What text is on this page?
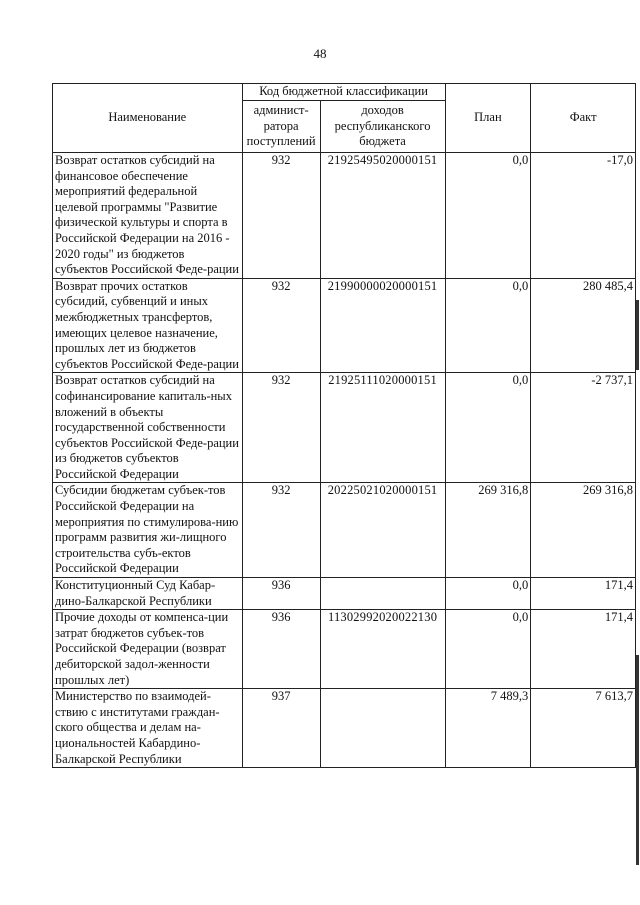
48
Наименование	Код бюджетной классификации		План	Факт
	админист-ратора поступлений	доходов республиканского бюджета		
Возврат остатков субсидий на финансовое обеспечение мероприятий федеральной целевой программы "Развитие физической культуры и спорта в Российской Федерации на 2016 - 2020 годы" из бюджетов субъектов Российской Феде-рации	932	21925495020000151	0,0	-17,0
Возврат прочих остатков субсидий, субвенций и иных межбюджетных трансфертов, имеющих целевое назначение, прошлых лет из бюджетов субъектов Российской Феде-рации	932	21990000020000151	0,0	280 485,4
Возврат остатков субсидий на софинансирование капиталь-ных вложений в объекты государственной собственности субъектов Российской Феде-рации из бюджетов субъектов Российской Федерации	932	21925111020000151	0,0	-2 737,1
Субсидии бюджетам субъек-тов Российской Федерации на мероприятия по стимулирова-нию программ развития жи-лищного строительства субъ-ектов Российской Федерации	932	20225021020000151	269 316,8	269 316,8
Конституционный Суд Кабар-дино-Балкарской Республики	936		0,0	171,4
Прочие доходы от компенса-ции затрат бюджетов субъек-тов Российской Федерации (возврат дебиторской задол-женности прошлых лет)	936	11302992020022130	0,0	171,4
Министерство по взаимодей-ствию с институтами граждан-ского общества и делам на-циональностей Кабардино-Балкарской Республики	937		7 489,3	7 613,7
